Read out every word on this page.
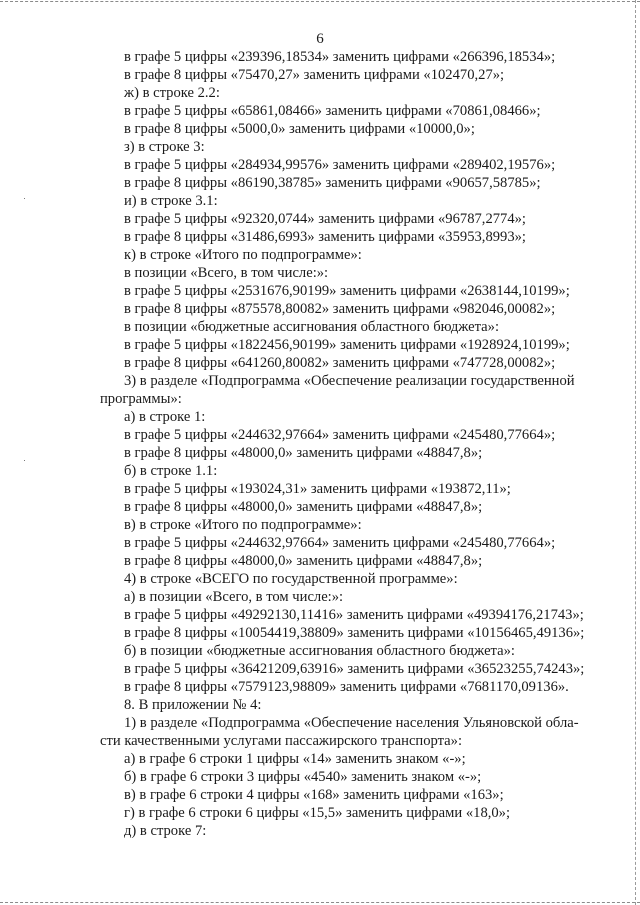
6
в графе 5 цифры «239396,18534» заменить цифрами «266396,18534»;
в графе 8 цифры «75470,27» заменить цифрами «102470,27»;
ж) в строке 2.2:
в графе 5 цифры «65861,08466» заменить цифрами «70861,08466»;
в графе 8 цифры «5000,0» заменить цифрами «10000,0»;
з) в строке 3:
в графе 5 цифры «284934,99576» заменить цифрами «289402,19576»;
в графе 8 цифры «86190,38785» заменить цифрами «90657,58785»;
и) в строке 3.1:
в графе 5 цифры «92320,0744» заменить цифрами «96787,2774»;
в графе 8 цифры «31486,6993» заменить цифрами «35953,8993»;
к) в строке «Итого по подпрограмме»:
в позиции «Всего, в том числе:»:
в графе 5 цифры «2531676,90199» заменить цифрами «2638144,10199»;
в графе 8 цифры «875578,80082» заменить цифрами «982046,00082»;
в позиции «бюджетные ассигнования областного бюджета»:
в графе 5 цифры «1822456,90199» заменить цифрами «1928924,10199»;
в графе 8 цифры «641260,80082» заменить цифрами «747728,00082»;
3) в разделе «Подпрограмма «Обеспечение реализации государственной
программы»:
а) в строке 1:
в графе 5 цифры «244632,97664» заменить цифрами «245480,77664»;
в графе 8 цифры «48000,0» заменить цифрами «48847,8»;
б) в строке 1.1:
в графе 5 цифры «193024,31» заменить цифрами «193872,11»;
в графе 8 цифры «48000,0» заменить цифрами «48847,8»;
в) в строке «Итого по подпрограмме»:
в графе 5 цифры «244632,97664» заменить цифрами «245480,77664»;
в графе 8 цифры «48000,0» заменить цифрами «48847,8»;
4) в строке «ВСЕГО по государственной программе»:
а) в позиции «Всего, в том числе:»:
в графе 5 цифры «49292130,11416» заменить цифрами «49394176,21743»;
в графе 8 цифры «10054419,38809» заменить цифрами «10156465,49136»;
б) в позиции «бюджетные ассигнования областного бюджета»:
в графе 5 цифры «36421209,63916» заменить цифрами «36523255,74243»;
в графе 8 цифры «7579123,98809» заменить цифрами «7681170,09136».
8. В приложении № 4:
1) в разделе «Подпрограмма «Обеспечение населения Ульяновской обла-
сти качественными услугами пассажирского транспорта»:
а) в графе 6 строки 1 цифры «14» заменить знаком «-»;
б) в графе 6 строки 3 цифры «4540» заменить знаком «-»;
в) в графе 6 строки 4 цифры «168» заменить цифрами «163»;
г) в графе 6 строки 6 цифры «15,5» заменить цифрами «18,0»;
д) в строке 7:
